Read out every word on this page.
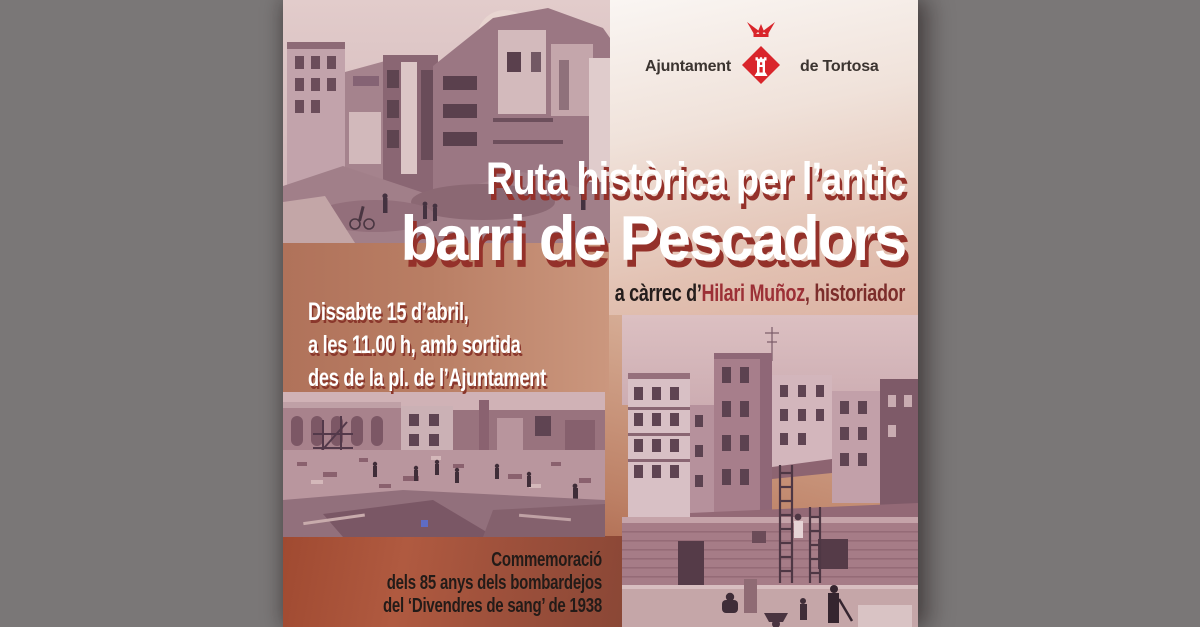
Ajuntament	de Tortosa
Ruta històrica per l’antic
barri de Pescadors
a càrrec d’Hilari Muñoz, historiador
Dissabte 15 d’abril,
a les 11.00 h, amb sortida
des de la pl. de l’Ajuntament
Commemoració
dels 85 anys dels bombardejos
del ‘Divendres de sang’ de 1938
